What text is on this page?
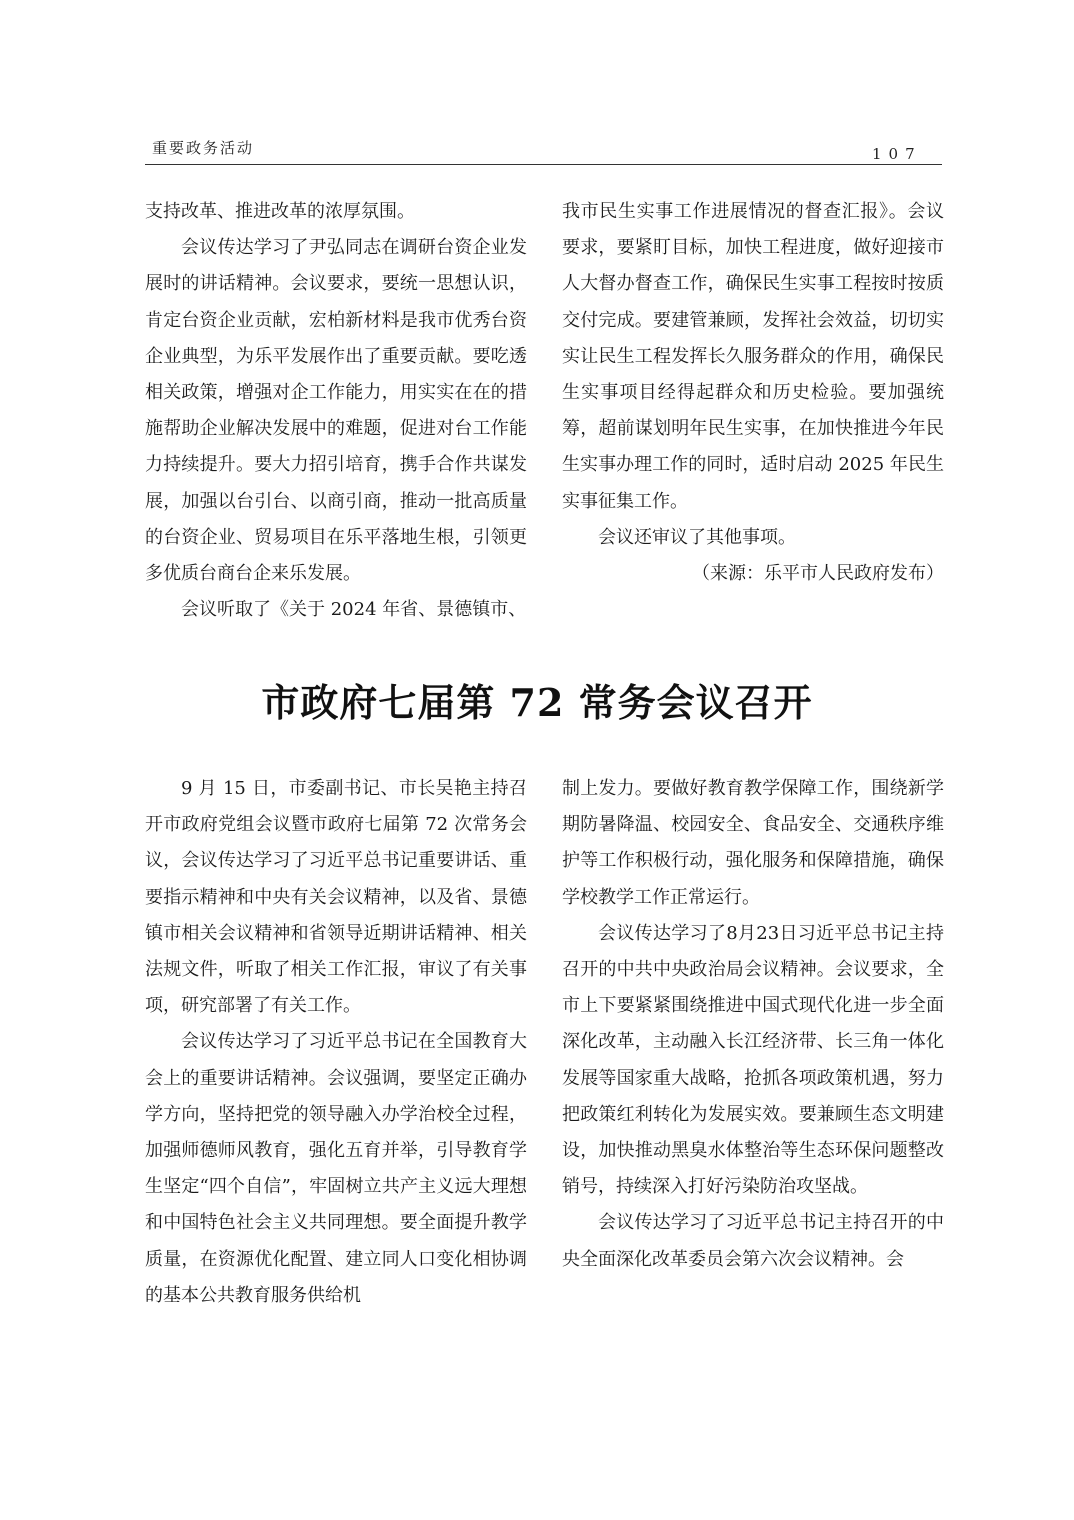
重要政务活动	107

支持改革、推进改革的浓厚氛围。

会议传达学习了尹弘同志在调研台资企业发展时的讲话精神。会议要求，要统一思想认识，肯定台资企业贡献，宏柏新材料是我市优秀台资企业典型，为乐平发展作出了重要贡献。要吃透相关政策，增强对企工作能力，用实实在在的措施帮助企业解决发展中的难题，促进对台工作能力持续提升。要大力招引培育，携手合作共谋发展，加强以台引台、以商引商，推动一批高质量的台资企业、贸易项目在乐平落地生根，引领更多优质台商台企来乐发展。

会议听取了《关于 2024 年省、景德镇市、

我市民生实事工作进展情况的督查汇报》。会议要求，要紧盯目标，加快工程进度，做好迎接市人大督办督查工作，确保民生实事工程按时按质交付完成。要建管兼顾，发挥社会效益，切切实实让民生工程发挥长久服务群众的作用，确保民生实事项目经得起群众和历史检验。要加强统筹，超前谋划明年民生实事，在加快推进今年民生实事办理工作的同时，适时启动 2025 年民生实事征集工作。

会议还审议了其他事项。

（来源：乐平市人民政府发布）

市政府七届第 72 常务会议召开

9 月 15 日，市委副书记、市长吴艳主持召开市政府党组会议暨市政府七届第 72 次常务会议，会议传达学习了习近平总书记重要讲话、重要指示精神和中央有关会议精神，以及省、景德镇市相关会议精神和省领导近期讲话精神、相关法规文件，听取了相关工作汇报，审议了有关事项，研究部署了有关工作。

会议传达学习了习近平总书记在全国教育大会上的重要讲话精神。会议强调，要坚定正确办学方向，坚持把党的领导融入办学治校全过程，加强师德师风教育，强化五育并举，引导教育学生坚定“四个自信”，牢固树立共产主义远大理想和中国特色社会主义共同理想。要全面提升教学质量，在资源优化配置、建立同人口变化相协调的基本公共教育服务供给机

制上发力。要做好教育教学保障工作，围绕新学期防暑降温、校园安全、食品安全、交通秩序维护等工作积极行动，强化服务和保障措施，确保学校教学工作正常运行。

会议传达学习了8月23日习近平总书记主持召开的中共中央政治局会议精神。会议要求，全市上下要紧紧围绕推进中国式现代化进一步全面深化改革，主动融入长江经济带、长三角一体化发展等国家重大战略，抢抓各项政策机遇，努力把政策红利转化为发展实效。要兼顾生态文明建设，加快推动黑臭水体整治等生态环保问题整改销号，持续深入打好污染防治攻坚战。

会议传达学习了习近平总书记主持召开的中央全面深化改革委员会第六次会议精神。会
